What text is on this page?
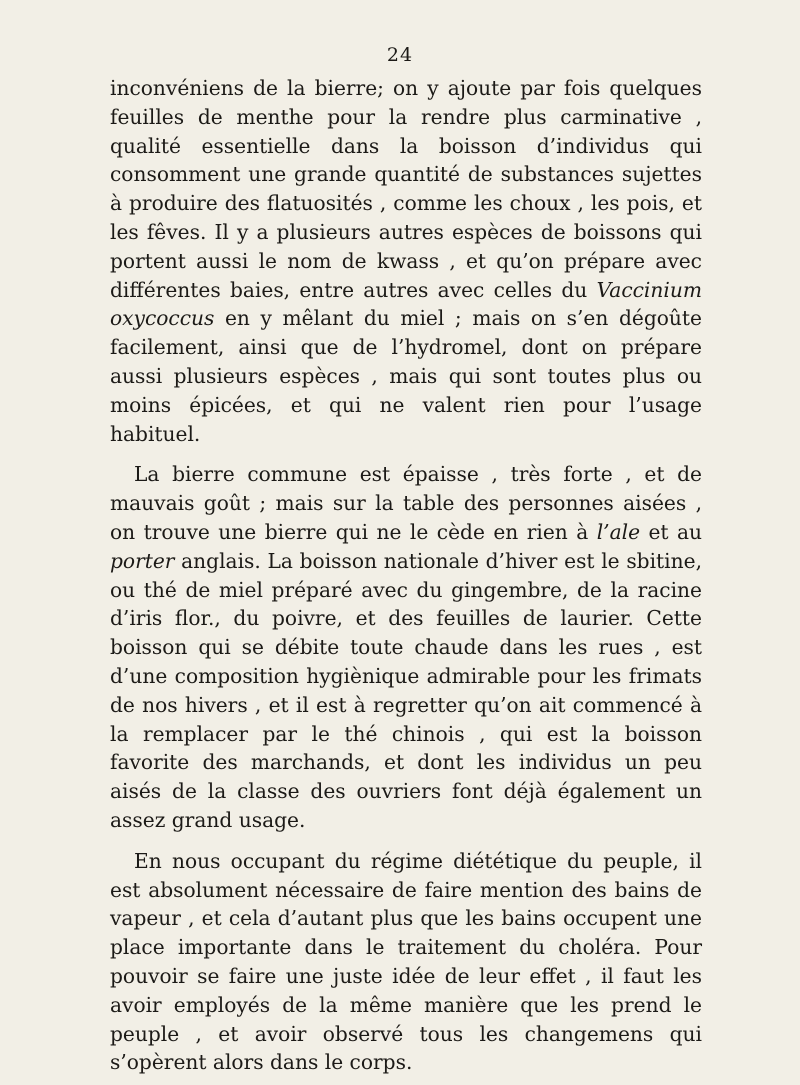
24

inconvéniens de la bierre; on y ajoute par fois quelques feuilles de menthe pour la rendre plus carminative , qualité essentielle dans la boisson d’individus qui consomment une grande quantité de substances sujettes à produire des flatuosités , comme les choux , les pois, et les fêves. Il y a plusieurs autres espèces de boissons qui portent aussi le nom de kwass , et qu’on prépare avec différentes baies, entre autres avec celles du Vaccinium oxycoccus en y mêlant du miel ; mais on s’en dégoûte facilement, ainsi que de l’hydromel, dont on prépare aussi plusieurs espèces , mais qui sont toutes plus ou moins épicées, et qui ne valent rien pour l’usage habituel.

La bierre commune est épaisse , très forte , et de mauvais goût ; mais sur la table des personnes aisées , on trouve une bierre qui ne le cède en rien à l’ale et au porter anglais. La boisson nationale d’hiver est le sbitine, ou thé de miel préparé avec du gingembre, de la racine d’iris flor., du poivre, et des feuilles de laurier. Cette boisson qui se débite toute chaude dans les rues , est d’une composition hygiènique admirable pour les frimats de nos hivers , et il est à regretter qu’on ait commencé à la remplacer par le thé chinois , qui est la boisson favorite des marchands, et dont les individus un peu aisés de la classe des ouvriers font déjà également un assez grand usage.

En nous occupant du régime diététique du peuple, il est absolument nécessaire de faire mention des bains de vapeur , et cela d’autant plus que les bains occupent une place importante dans le traitement du choléra. Pour pouvoir se faire une juste idée de leur effet , il faut les avoir employés de la même manière que les prend le peuple , et avoir observé tous les changemens qui s’opèrent alors dans le corps.
